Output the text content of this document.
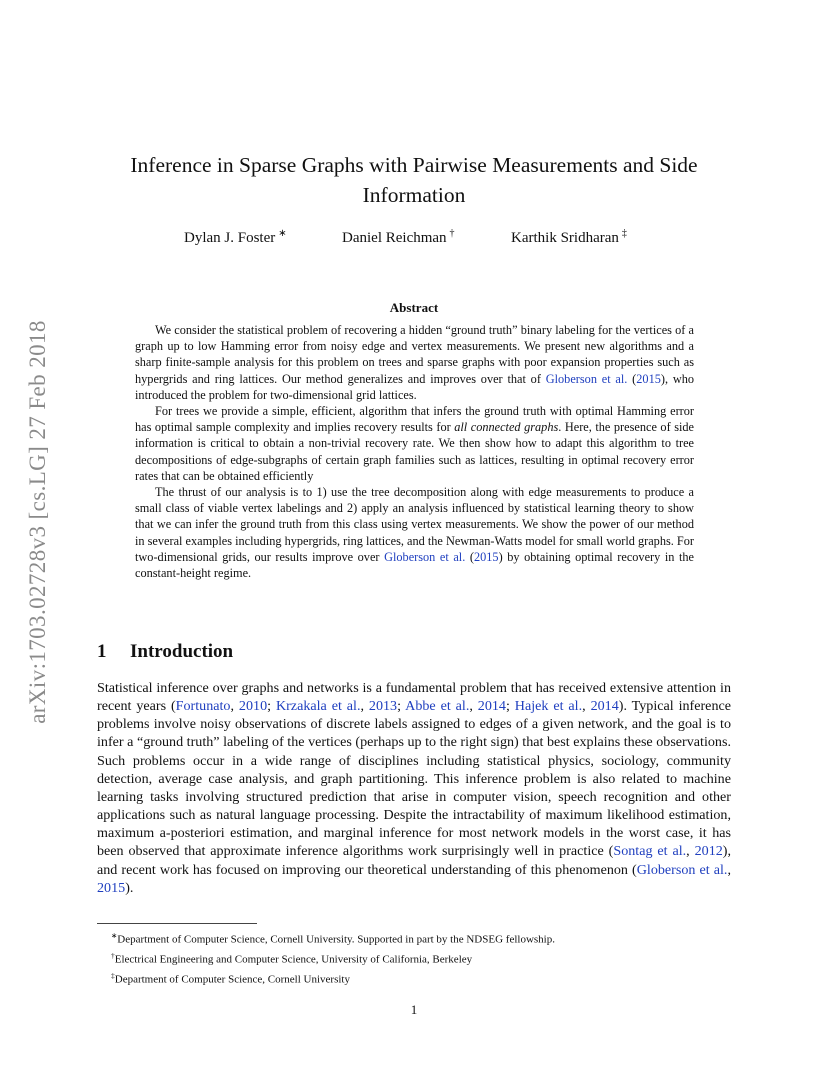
arXiv:1703.02728v3 [cs.LG] 27 Feb 2018
Inference in Sparse Graphs with Pairwise Measurements and Side Information
Dylan J. Foster ∗	Daniel Reichman †	Karthik Sridharan ‡
Abstract

We consider the statistical problem of recovering a hidden “ground truth” binary labeling for the vertices of a graph up to low Hamming error from noisy edge and vertex measurements. We present new algorithms and a sharp finite-sample analysis for this problem on trees and sparse graphs with poor expansion properties such as hypergrids and ring lattices. Our method generalizes and improves over that of Globerson et al. (2015), who introduced the problem for two-dimensional grid lattices.

For trees we provide a simple, efficient, algorithm that infers the ground truth with optimal Hamming error has optimal sample complexity and implies recovery results for all connected graphs. Here, the presence of side information is critical to obtain a non-trivial recovery rate. We then show how to adapt this algorithm to tree decompositions of edge-subgraphs of certain graph families such as lattices, resulting in optimal recovery error rates that can be obtained efficiently

The thrust of our analysis is to 1) use the tree decomposition along with edge measurements to produce a small class of viable vertex labelings and 2) apply an analysis influenced by statistical learning theory to show that we can infer the ground truth from this class using vertex measurements. We show the power of our method in several examples including hypergrids, ring lattices, and the Newman-Watts model for small world graphs. For two-dimensional grids, our results improve over Globerson et al. (2015) by obtaining optimal recovery in the constant-height regime.

1 Introduction

Statistical inference over graphs and networks is a fundamental problem that has received extensive attention in recent years (Fortunato, 2010; Krzakala et al., 2013; Abbe et al., 2014; Hajek et al., 2014). Typical inference problems involve noisy observations of discrete labels assigned to edges of a given network, and the goal is to infer a “ground truth” labeling of the vertices (perhaps up to the right sign) that best explains these observations. Such problems occur in a wide range of disciplines including statistical physics, sociology, community detection, average case analysis, and graph partitioning. This inference problem is also related to machine learning tasks involving structured prediction that arise in computer vision, speech recognition and other applications such as natural language processing. Despite the intractability of maximum likelihood estimation, maximum a-posteriori estimation, and marginal inference for most network models in the worst case, it has been observed that approximate inference algorithms work surprisingly well in practice (Sontag et al., 2012), and recent work has focused on improving our theoretical understanding of this phenomenon (Globerson et al., 2015).

∗Department of Computer Science, Cornell University. Supported in part by the NDSEG fellowship.
†Electrical Engineering and Computer Science, University of California, Berkeley
‡Department of Computer Science, Cornell University
1
